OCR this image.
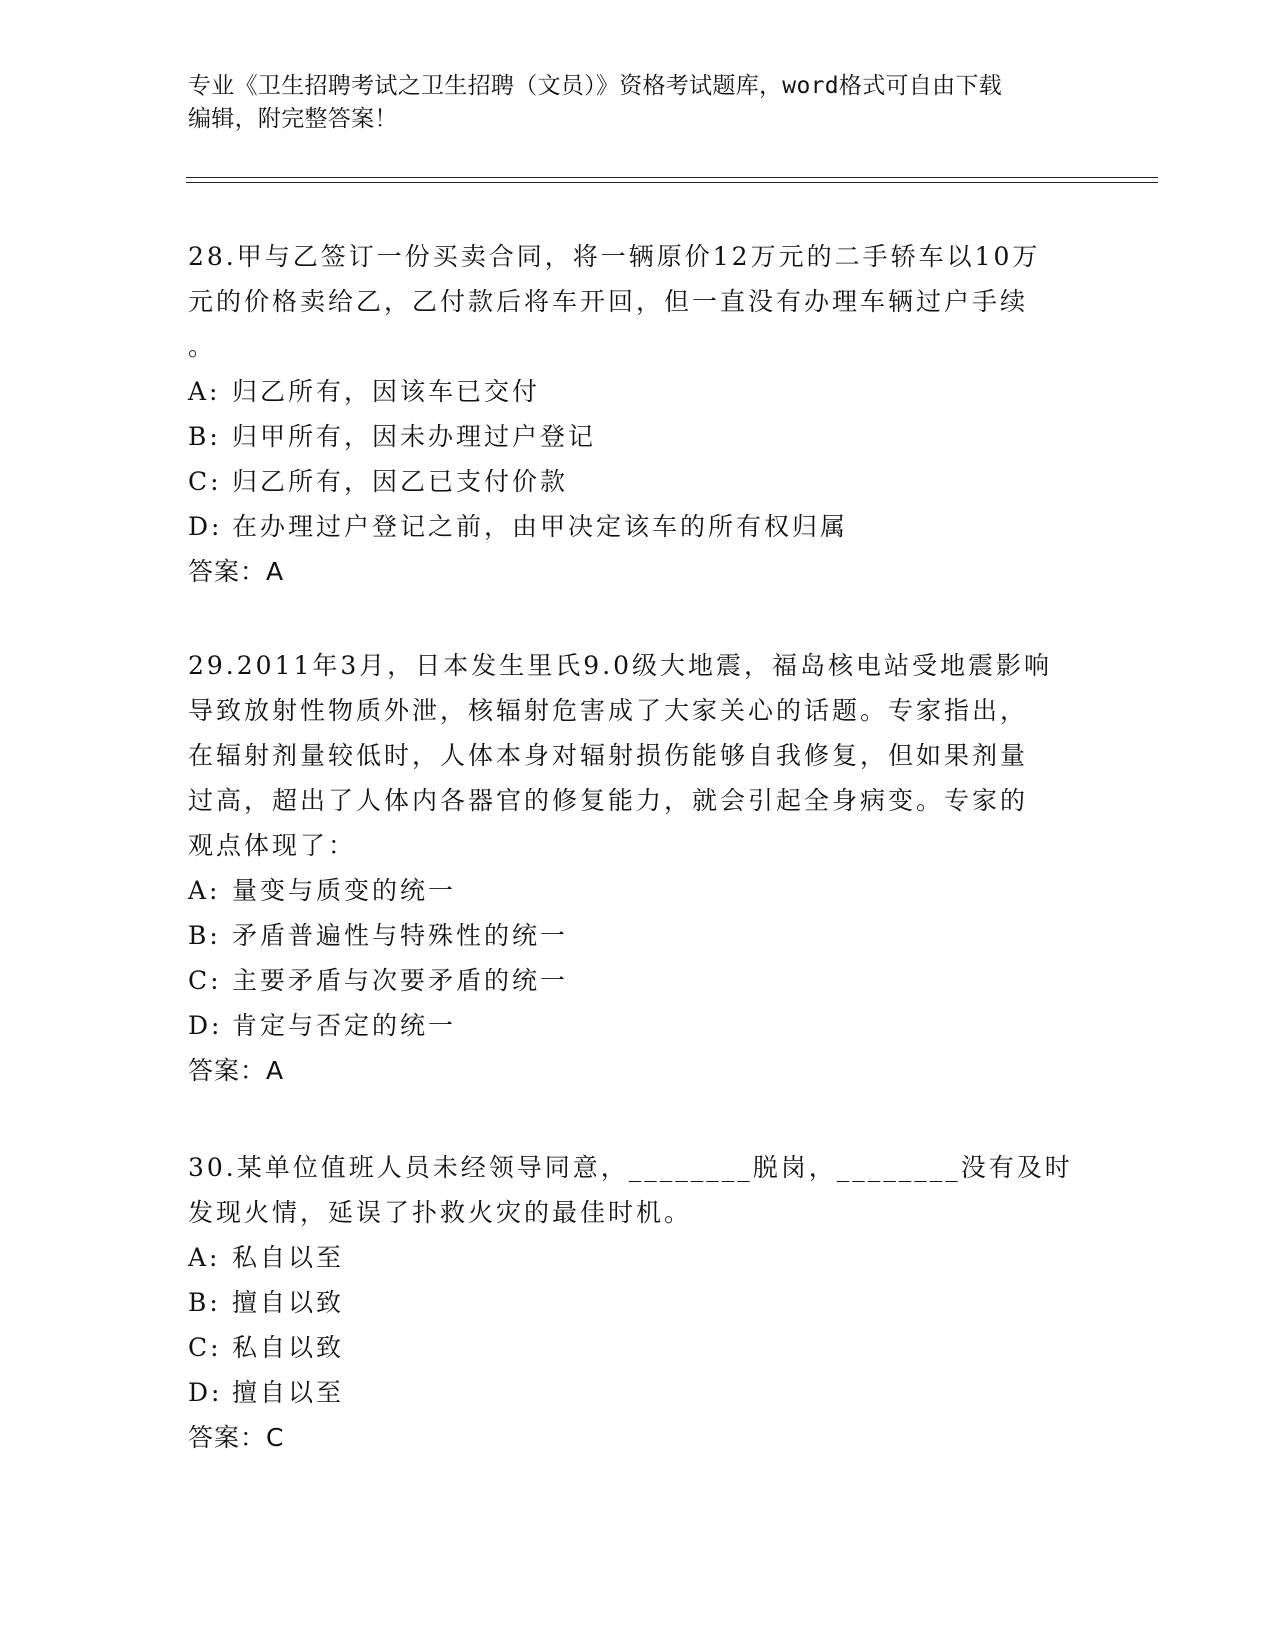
专业《卫生招聘考试之卫生招聘（文员）》资格考试题库，word格式可自由下载
编辑，附完整答案！

28.甲与乙签订一份买卖合同，将一辆原价12万元的二手轿车以10万

元的价格卖给乙，乙付款后将车开回，但一直没有办理车辆过户手续

。

A: 归乙所有，因该车已交付

B: 归甲所有，因未办理过户登记

C: 归乙所有，因乙已支付价款

D: 在办理过户登记之前，由甲决定该车的所有权归属

答案：A

29.2011年3月，日本发生里氏9.0级大地震，福岛核电站受地震影响

导致放射性物质外泄，核辐射危害成了大家关心的话题。专家指出，

在辐射剂量较低时，人体本身对辐射损伤能够自我修复，但如果剂量

过高，超出了人体内各器官的修复能力，就会引起全身病变。专家的

观点体现了：

A: 量变与质变的统一

B: 矛盾普遍性与特殊性的统一

C: 主要矛盾与次要矛盾的统一

D: 肯定与否定的统一

答案：A

30.某单位值班人员未经领导同意，________脱岗，________没有及时

发现火情，延误了扑救火灾的最佳时机。

A: 私自以至

B: 擅自以致

C: 私自以致

D: 擅自以至

答案：C
